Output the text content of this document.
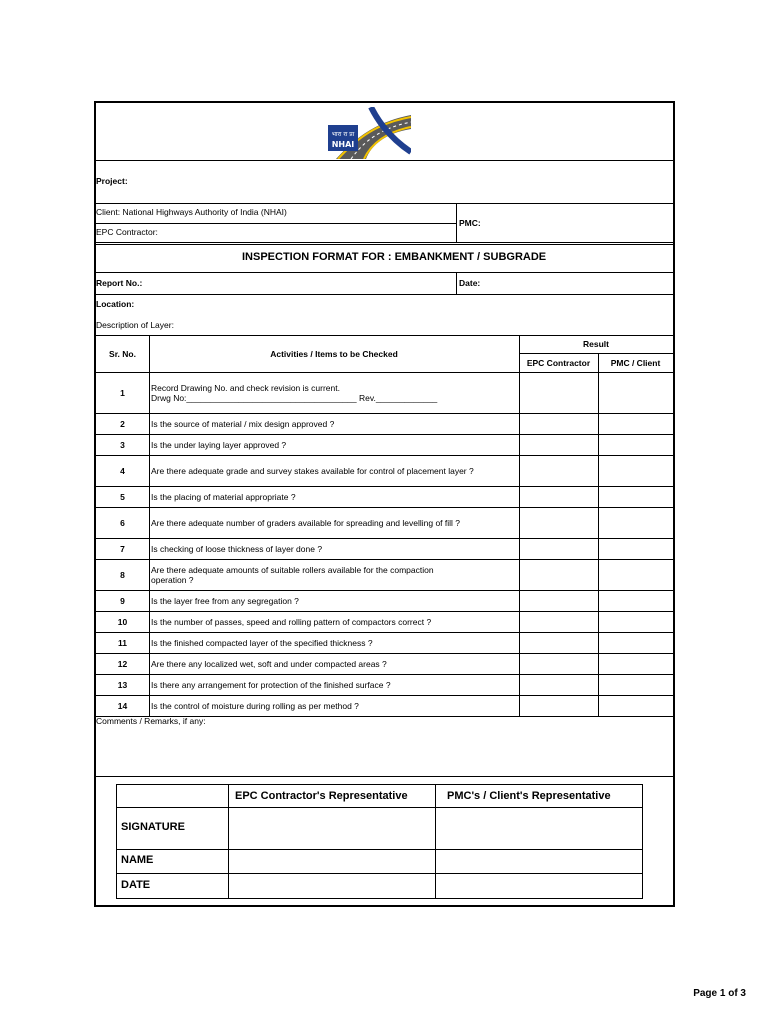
भारा रा प्रा
NHAI
Project:
Client: National Highways Authority of India (NHAI)
PMC:
EPC Contractor:
INSPECTION FORMAT FOR : EMBANKMENT / SUBGRADE
Report No.:	Date:
Location:
Description of Layer:
Sr. No.	Activities / Items to be Checked
Result
EPC Contractor	PMC / Client
1	Record Drawing No. and check revision is current.
Drwg No:____________________________________ Rev._____________
2	Is the source of material / mix design approved ?
3	Is the under laying layer approved ?
4	Are there adequate grade and survey stakes available for control of placement layer ?
5	Is the placing of material appropriate ?
6	Are there adequate number of graders available for spreading and levelling of fill ?
7	Is checking of loose thickness of layer done ?
8	Are there adequate amounts of suitable rollers available for the compaction
operation ?
9	Is the layer free from any segregation ?
10	Is the number of passes, speed and rolling pattern of compactors correct ?
11	Is the finished compacted layer of the specified thickness ?
12	Are there any localized wet, soft and under compacted areas ?
13	Is there any arrangement for protection of the finished surface ?
14	Is the control of moisture during rolling as per method ?
Comments / Remarks, if any:
EPC Contractor's Representative	PMC's / Client's Representative
SIGNATURE
NAME
DATE
Page 1 of 3
